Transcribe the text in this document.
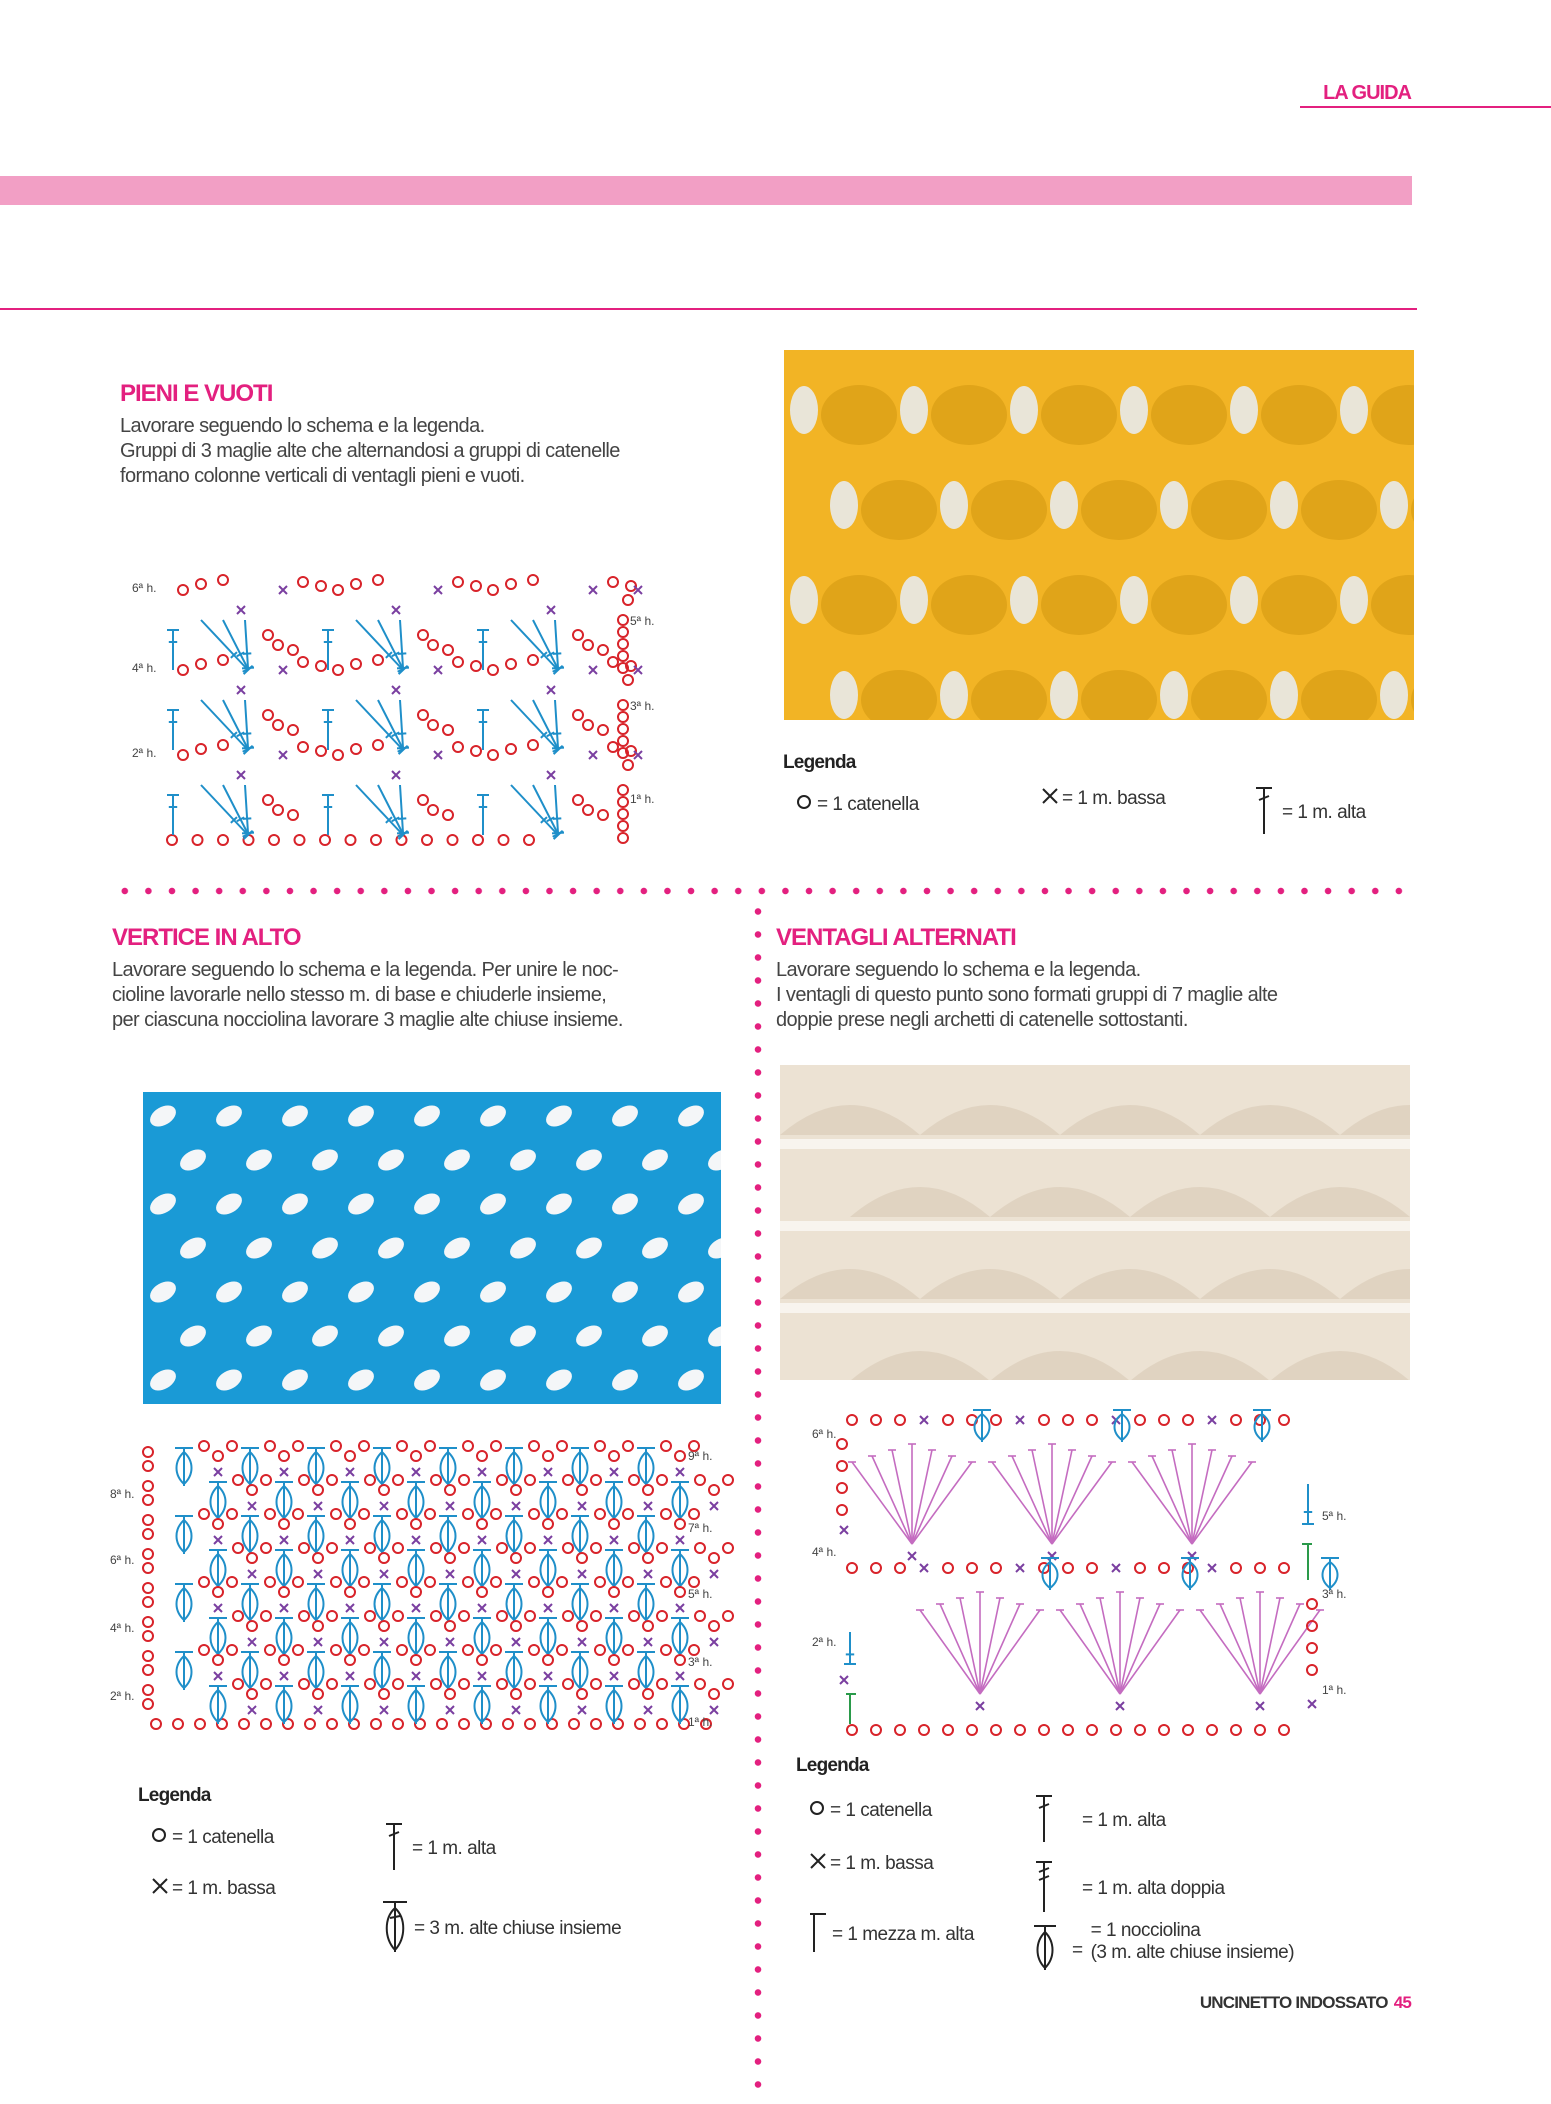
LA GUIDA
PIENI E VUOTI
Lavorare seguendo lo schema e la legenda.
Gruppi di 3 maglie alte che alternandosi a gruppi di catenelle
formano colonne verticali di ventagli pieni e vuoti.
6ª h.
4ª h.
2ª h.
5ª h.
3ª h.
1ª h.
Legenda
= 1 catenella	= 1 m. bassa
= 1 m. alta
VERTICE IN ALTO
Lavorare seguendo lo schema e la legenda. Per unire le noc-
cioline lavorarle nello stesso m. di base e chiuderle insieme,
per ciascuna nocciolina lavorare 3 maglie alte chiuse insieme.
9ª h.
8ª h.
7ª h.
6ª h.
5ª h.
4ª h.
3ª h.
2ª h.
1ª h.
Legenda
= 1 catenella
= 1 m. bassa
= 1 m. alta
= 3 m. alte chiuse insieme
VENTAGLI ALTERNATI
Lavorare seguendo lo schema e la legenda.
I ventagli di questo punto sono formati gruppi di 7 maglie alte
doppie prese negli archetti di catenelle sottostanti.
6ª h.
5ª h.
4ª h.
3ª h.
2ª h.
1ª h.
Legenda
= 1 catenella
= 1 m. bassa
= 1 mezza m. alta
= 1 m. alta
= 1 m. alta doppia
=
= 1 nocciolina
(3 m. alte chiuse insieme)
UNCINETTO INDOSSATO 45
